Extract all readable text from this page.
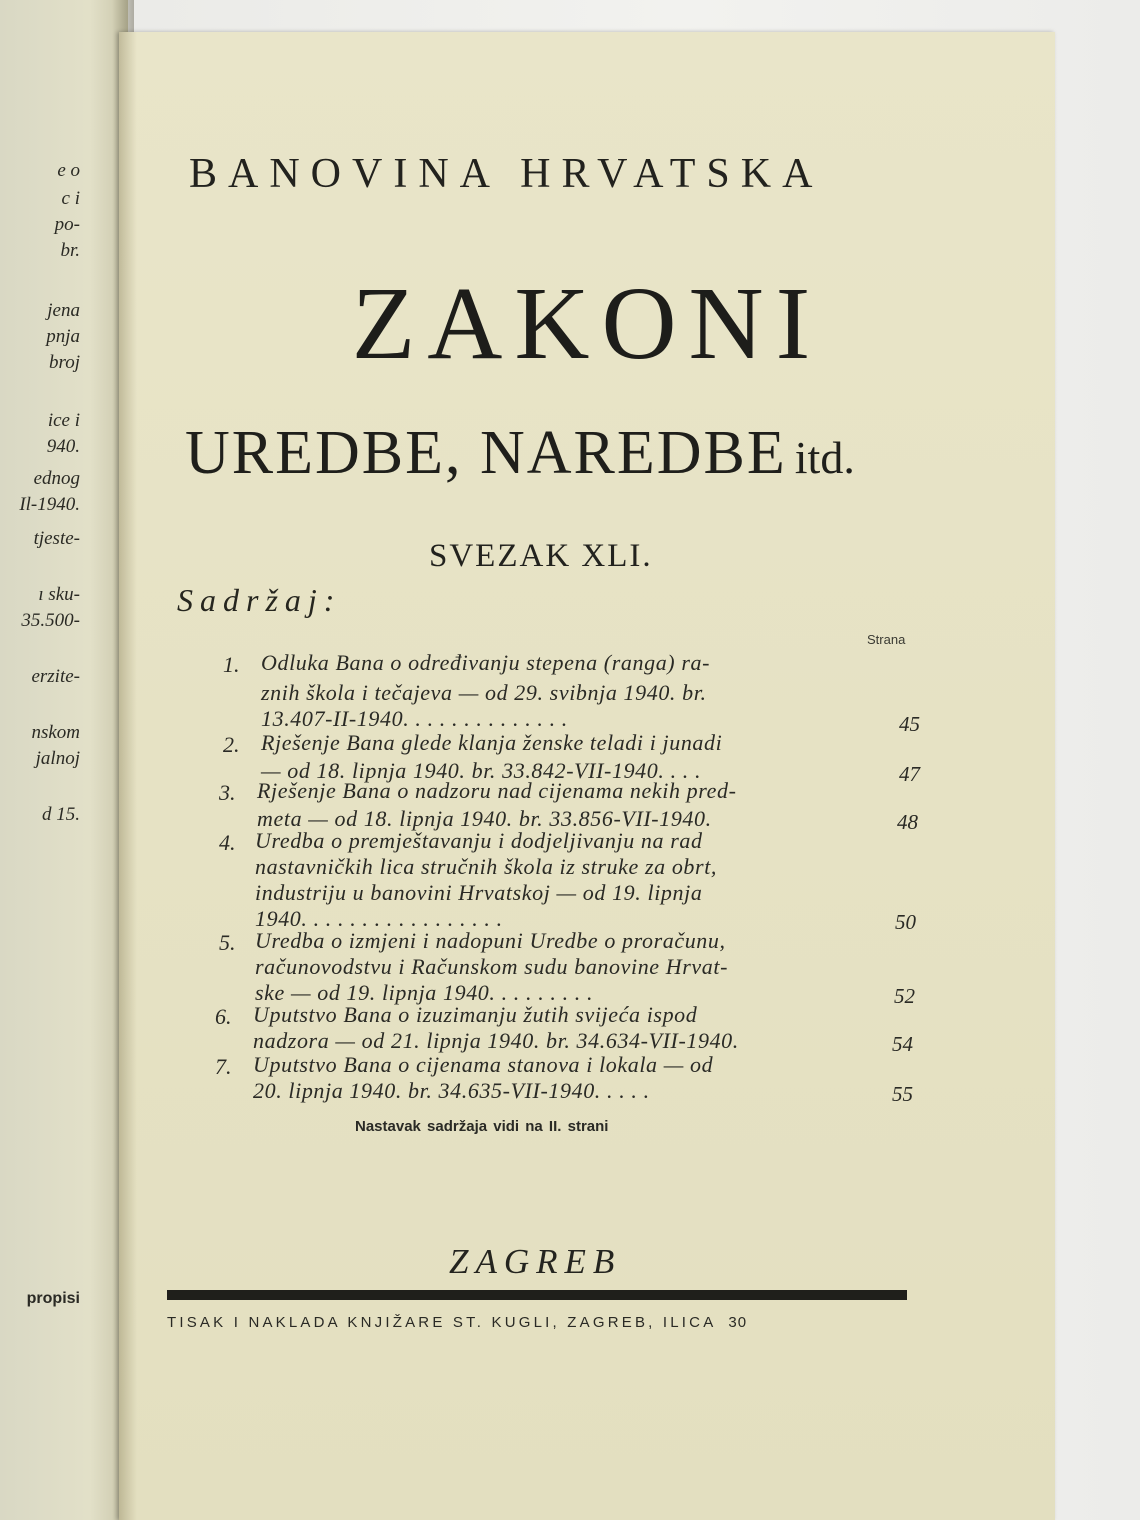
e o
c i
po-
br.
jena
pnja
broj
ice i
940.
ednog
Il-1940.
tjeste-
ı sku-
35.500-
erzite-
nskom
jalnoj
d 15.
propisi
BANOVINA HRVATSKA
ZAKONI
UREDBE, NAREDBE itd.
SVEZAK XLI.
Sadržaj:
Strana
1. Odluka Bana o određivanju stepena (ranga) ra-
znih škola i tečajeva — od 29. svibnja 1940. br.
13.407-II-1940. . . . . . . . . . . . . .	45
2. Rješenje Bana glede klanja ženske teladi i junadi
— od 18. lipnja 1940. br. 33.842-VII-1940. . . .	47
3. Rješenje Bana o nadzoru nad cijenama nekih pred-
meta — od 18. lipnja 1940. br. 33.856-VII-1940.	48
4. Uredba o premještavanju i dodjeljivanju na rad
nastavničkih lica stručnih škola iz struke za obrt,
industriju u banovini Hrvatskoj — od 19. lipnja
1940. . . . . . . . . . . . . . . . .	50
5. Uredba o izmjeni i nadopuni Uredbe o proračunu,
računovodstvu i Računskom sudu banovine Hrvat-
ske — od 19. lipnja 1940. . . . . . . . .	52
6. Uputstvo Bana o izuzimanju žutih svijeća ispod
nadzora — od 21. lipnja 1940. br. 34.634-VII-1940.	54
7. Uputstvo Bana o cijenama stanova i lokala — od
20. lipnja 1940. br. 34.635-VII-1940. . . . .	55
Nastavak sadržaja vidi na II. strani
ZAGREB
TISAK I NAKLADA KNJIŽARE ST. KUGLI, ZAGREB, ILICA 30
